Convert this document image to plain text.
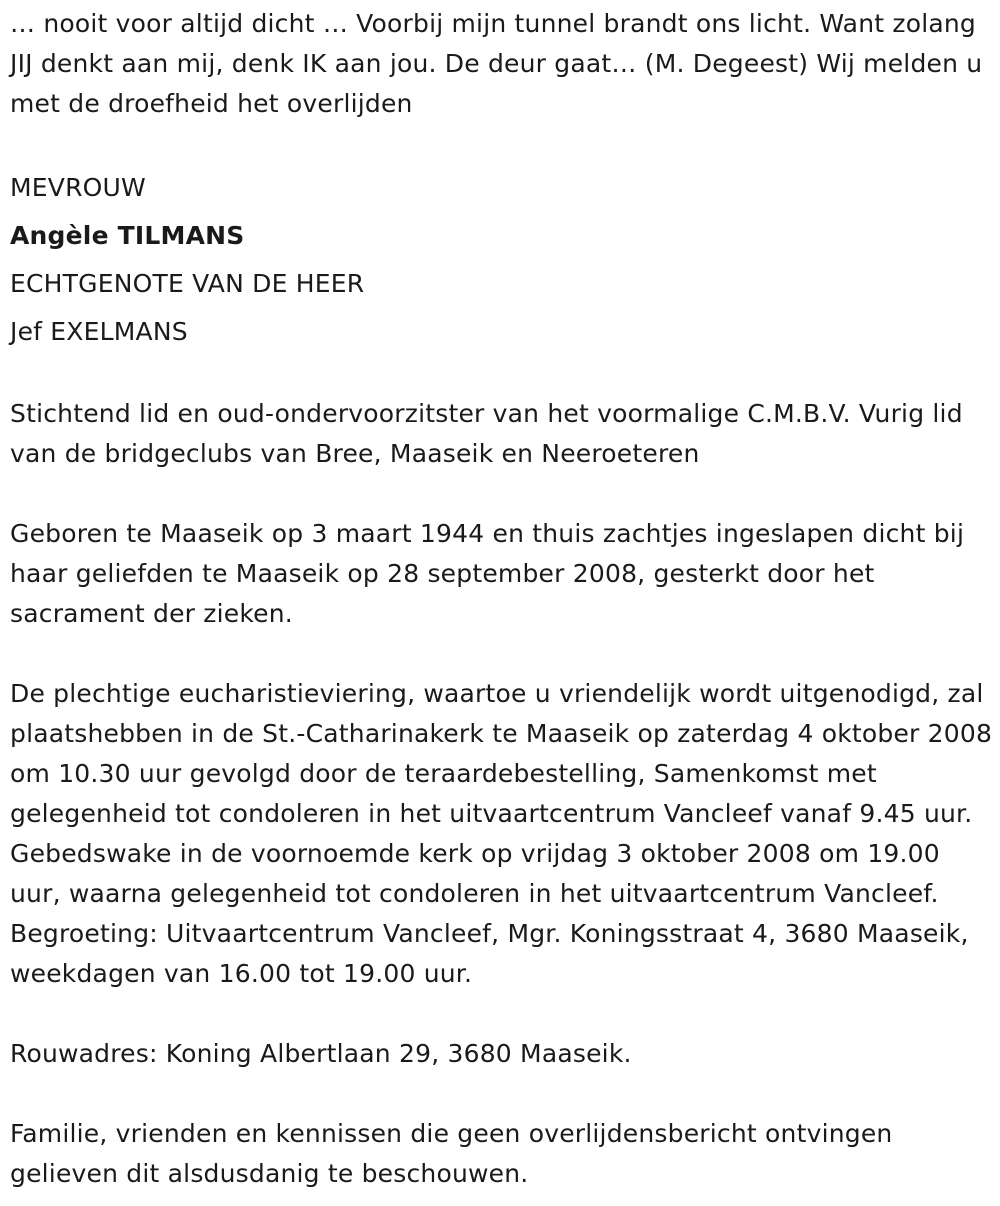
… nooit voor altijd dicht … Voorbij mijn tunnel brandt ons licht. Want zolang JIJ denkt aan mij, denk IK aan jou. De deur gaat… (M. Degeest) Wij melden u met de droefheid het overlijden

MEVROUW

Angèle TILMANS

ECHTGENOTE VAN DE HEER

Jef EXELMANS

Stichtend lid en oud-ondervoorzitster van het voormalige C.M.B.V. Vurig lid van de bridgeclubs van Bree, Maaseik en Neeroeteren

Geboren te Maaseik op 3 maart 1944 en thuis zachtjes ingeslapen dicht bij haar geliefden te Maaseik op 28 september 2008, gesterkt door het sacrament der zieken.

De plechtige eucharistieviering, waartoe u vriendelijk wordt uitgenodigd, zal plaatshebben in de St.-Catharinakerk te Maaseik op zaterdag 4 oktober 2008 om 10.30 uur gevolgd door de teraardebestelling, Samenkomst met gelegenheid tot condoleren in het uitvaartcentrum Vancleef vanaf 9.45 uur. Gebedswake in de voornoemde kerk op vrijdag 3 oktober 2008 om 19.00 uur, waarna gelegenheid tot condoleren in het uitvaartcentrum Vancleef. Begroeting: Uitvaartcentrum Vancleef, Mgr. Koningsstraat 4, 3680 Maaseik, weekdagen van 16.00 tot 19.00 uur.

Rouwadres: Koning Albertlaan 29, 3680 Maaseik.

Familie, vrienden en kennissen die geen overlijdensbericht ontvingen gelieven dit alsdusdanig te beschouwen.
